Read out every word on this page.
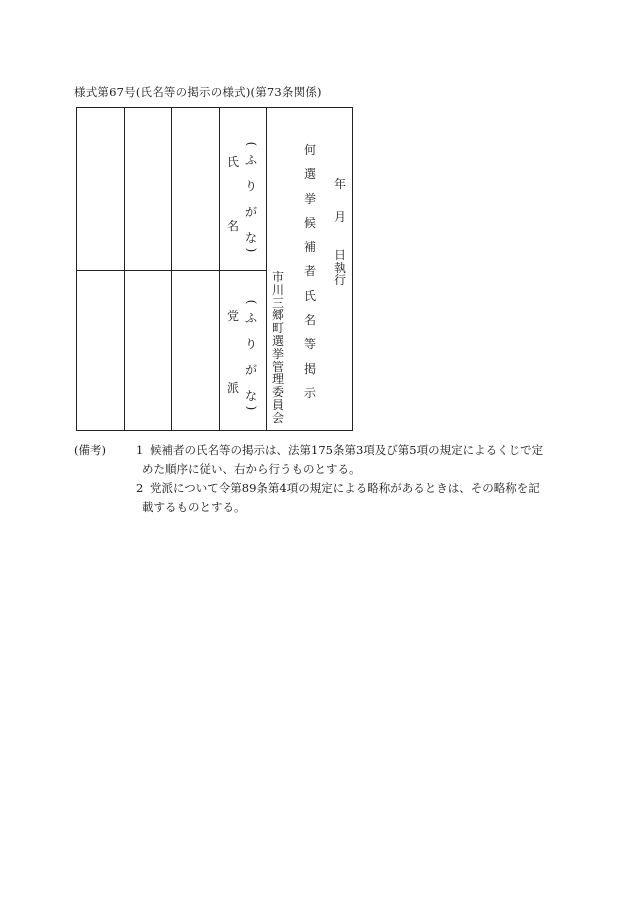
様式第67号(氏名等の掲示の様式)(第73条関係)
氏
名
(
ふ
り
が
な
)
党
派
(
ふ
り
が
な
)
市
川
三
郷
町
選
挙
管
理
委
員
会
何
選
挙
候
補
者
氏
名
等
掲
示
年
月
日
執
行
(備考)	1 候補者の氏名等の掲示は、法第175条第3項及び第5項の規定によるくじで定
めた順序に従い、右から行うものとする。
2 党派について令第89条第4項の規定による略称があるときは、その略称を記
載するものとする。
